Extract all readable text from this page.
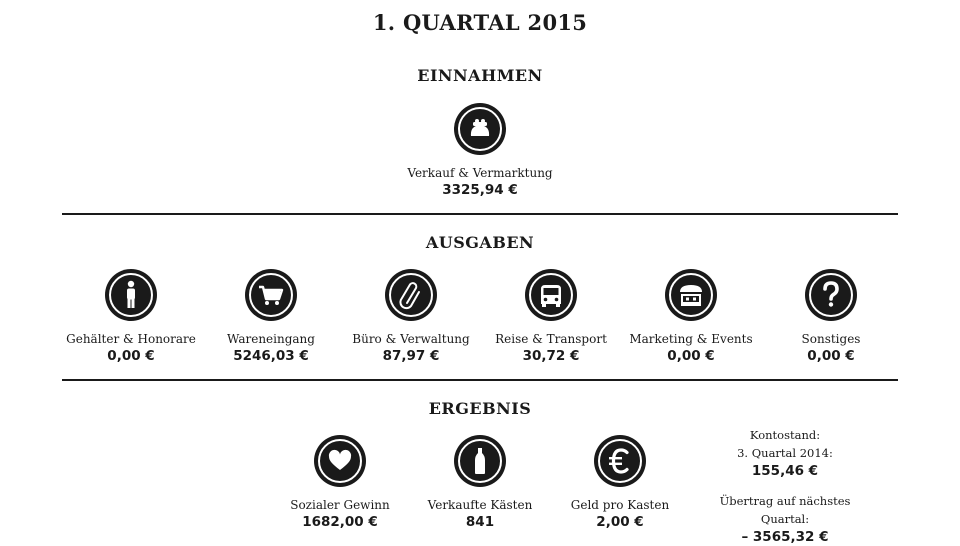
1. QUARTAL 2015
EINNAHMEN
Verkauf & Vermarktung
3325,94 €
AUSGABEN
Gehälter & Honorare
0,00 €
Wareneingang
5246,03 €
Büro & Verwaltung
87,97 €
Reise & Transport
30,72 €
Marketing & Events
0,00 €
Sonstiges
0,00 €
ERGEBNIS
Sozialer Gewinn
1682,00 €
Verkaufte Kästen
841
Geld pro Kasten
2,00 €
Kontostand:
3. Quartal 2014:
155,46 €
Übertrag auf nächstes Quartal:
– 3565,32 €
